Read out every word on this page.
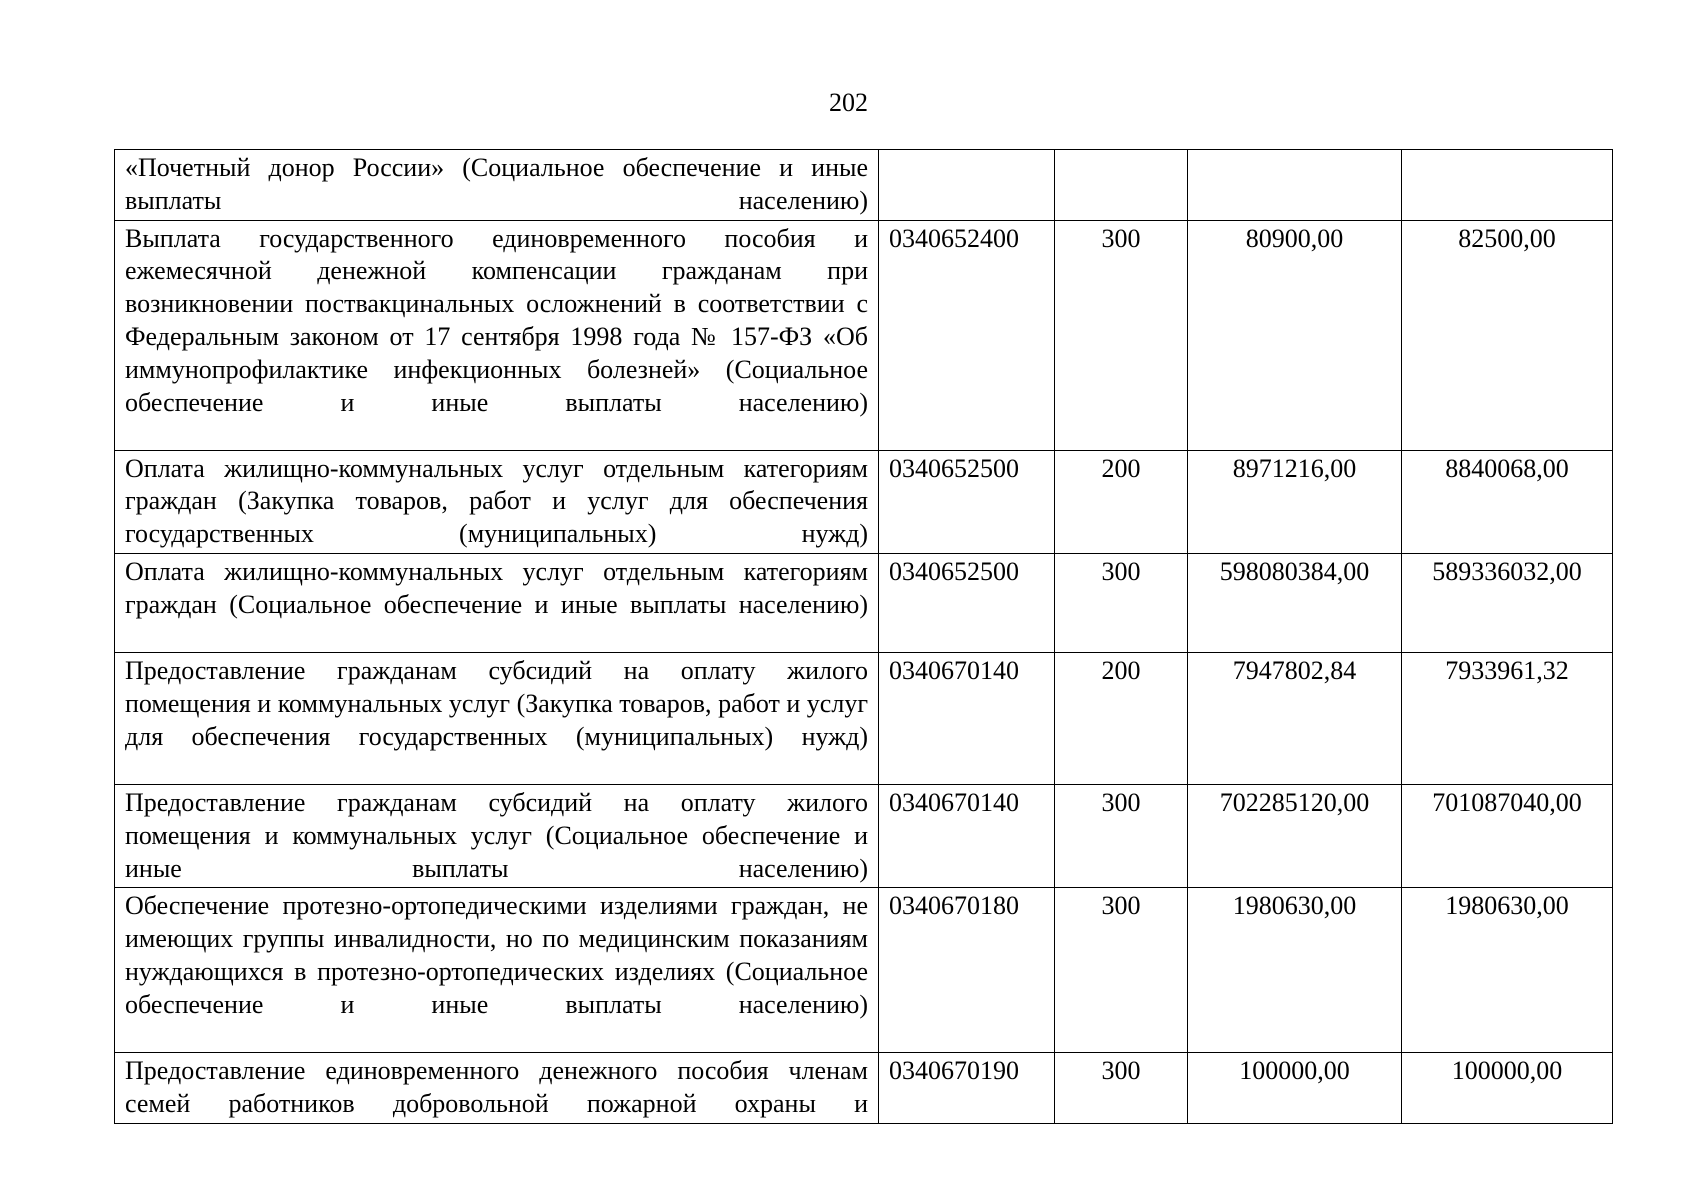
202
«Почетный донор России» (Социальное обеспечение и иные выплаты населению)				
Выплата государственного единовременного пособия и ежемесячной денежной компенсации гражданам при возникновении поствакцинальных осложнений в соответствии с Федеральным законом от 17 сентября 1998 года № 157-ФЗ «Об иммунопрофилактике инфекционных болезней» (Социальное обеспечение и иные выплаты населению)	0340652400	300	80900,00	82500,00
Оплата жилищно-коммунальных услуг отдельным категориям граждан (Закупка товаров, работ и услуг для обеспечения государственных (муниципальных) нужд)	0340652500	200	8971216,00	8840068,00
Оплата жилищно-коммунальных услуг отдельным категориям граждан (Социальное обеспечение и иные выплаты населению)	0340652500	300	598080384,00	589336032,00
Предоставление гражданам субсидий на оплату жилого помещения и коммунальных услуг (Закупка товаров, работ и услуг для обеспечения государственных (муниципальных) нужд)	0340670140	200	7947802,84	7933961,32
Предоставление гражданам субсидий на оплату жилого помещения и коммунальных услуг (Социальное обеспечение и иные выплаты населению)	0340670140	300	702285120,00	701087040,00
Обеспечение протезно-ортопедическими изделиями граждан, не имеющих группы инвалидности, но по медицинским показаниям нуждающихся в протезно-ортопедических изделиях (Социальное обеспечение и иные выплаты населению)	0340670180	300	1980630,00	1980630,00
Предоставление единовременного денежного пособия членам семей работников добровольной пожарной охраны и	0340670190	300	100000,00	100000,00
